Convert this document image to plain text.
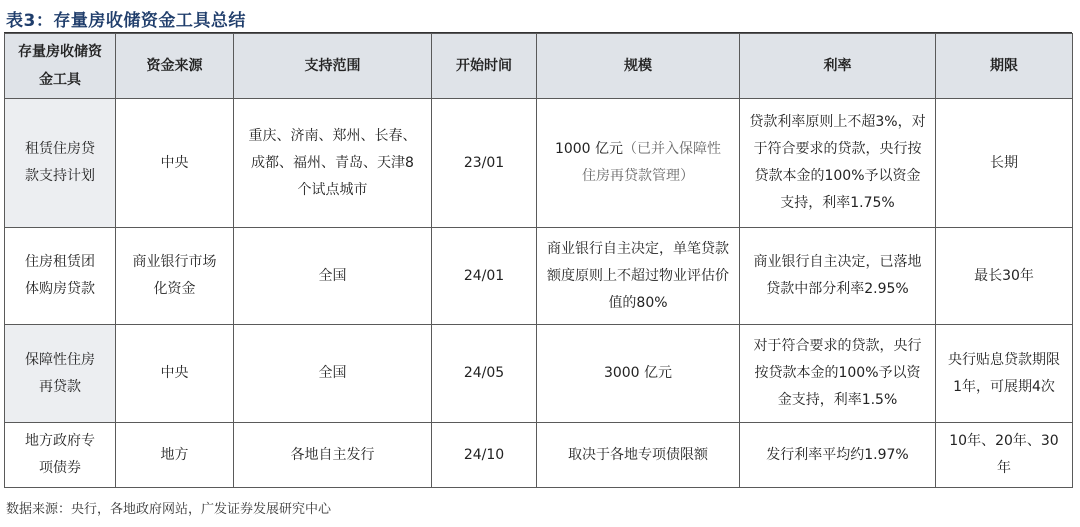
表3：存量房收储资金工具总结
存量房收储资金工具	资金来源	支持范围	开始时间	规模	利率	期限
租赁住房贷款支持计划	中央	重庆、济南、郑州、长春、成都、福州、青岛、天津8个试点城市	23/01	1000 亿元（已并入保障性住房再贷款管理）	贷款利率原则上不超3%，对于符合要求的贷款，央行按贷款本金的100%予以资金支持，利率1.75%	长期
住房租赁团体购房贷款	商业银行市场化资金	全国	24/01	商业银行自主决定，单笔贷款额度原则上不超过物业评估价值的80%	商业银行自主决定，已落地贷款中部分利率2.95%	最长30年
保障性住房再贷款	中央	全国	24/05	3000 亿元	对于符合要求的贷款，央行按贷款本金的100%予以资金支持，利率1.5%	央行贴息贷款期限1年，可展期4次
地方政府专项债券	地方	各地自主发行	24/10	取决于各地专项债限额	发行利率平均约1.97%	10年、20年、30年
数据来源：央行，各地政府网站，广发证券发展研究中心
